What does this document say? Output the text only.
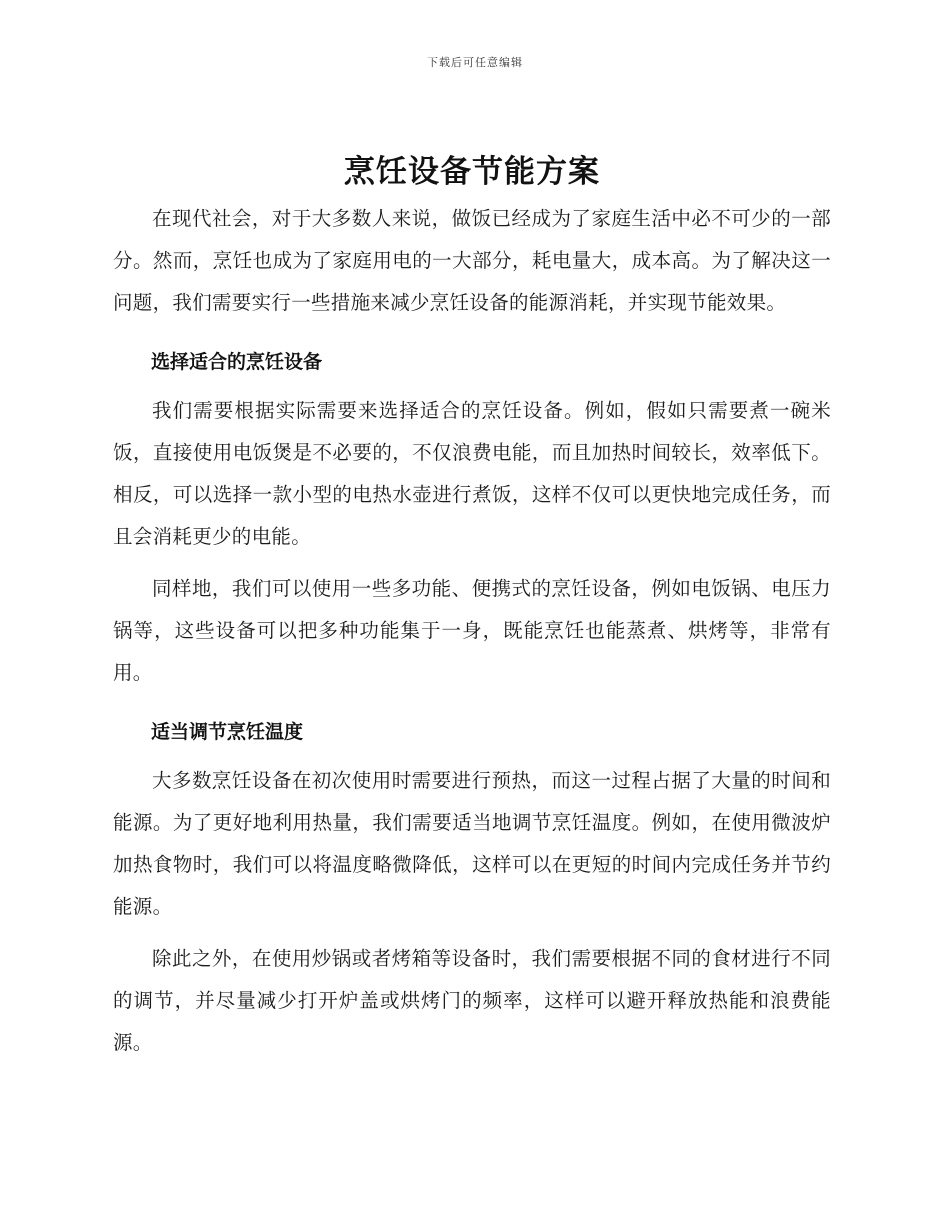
下载后可任意编辑
烹饪设备节能方案

在现代社会，对于大多数人来说，做饭已经成为了家庭生活中必不可少的一部分。然而，烹饪也成为了家庭用电的一大部分，耗电量大，成本高。为了解决这一问题，我们需要实行一些措施来减少烹饪设备的能源消耗，并实现节能效果。

选择适合的烹饪设备

我们需要根据实际需要来选择适合的烹饪设备。例如，假如只需要煮一碗米饭，直接使用电饭煲是不必要的，不仅浪费电能，而且加热时间较长，效率低下。相反，可以选择一款小型的电热水壶进行煮饭，这样不仅可以更快地完成任务，而且会消耗更少的电能。

同样地，我们可以使用一些多功能、便携式的烹饪设备，例如电饭锅、电压力锅等，这些设备可以把多种功能集于一身，既能烹饪也能蒸煮、烘烤等，非常有用。

适当调节烹饪温度

大多数烹饪设备在初次使用时需要进行预热，而这一过程占据了大量的时间和能源。为了更好地利用热量，我们需要适当地调节烹饪温度。例如，在使用微波炉加热食物时，我们可以将温度略微降低，这样可以在更短的时间内完成任务并节约能源。

除此之外，在使用炒锅或者烤箱等设备时，我们需要根据不同的食材进行不同的调节，并尽量减少打开炉盖或烘烤门的频率，这样可以避开释放热能和浪费能源。
